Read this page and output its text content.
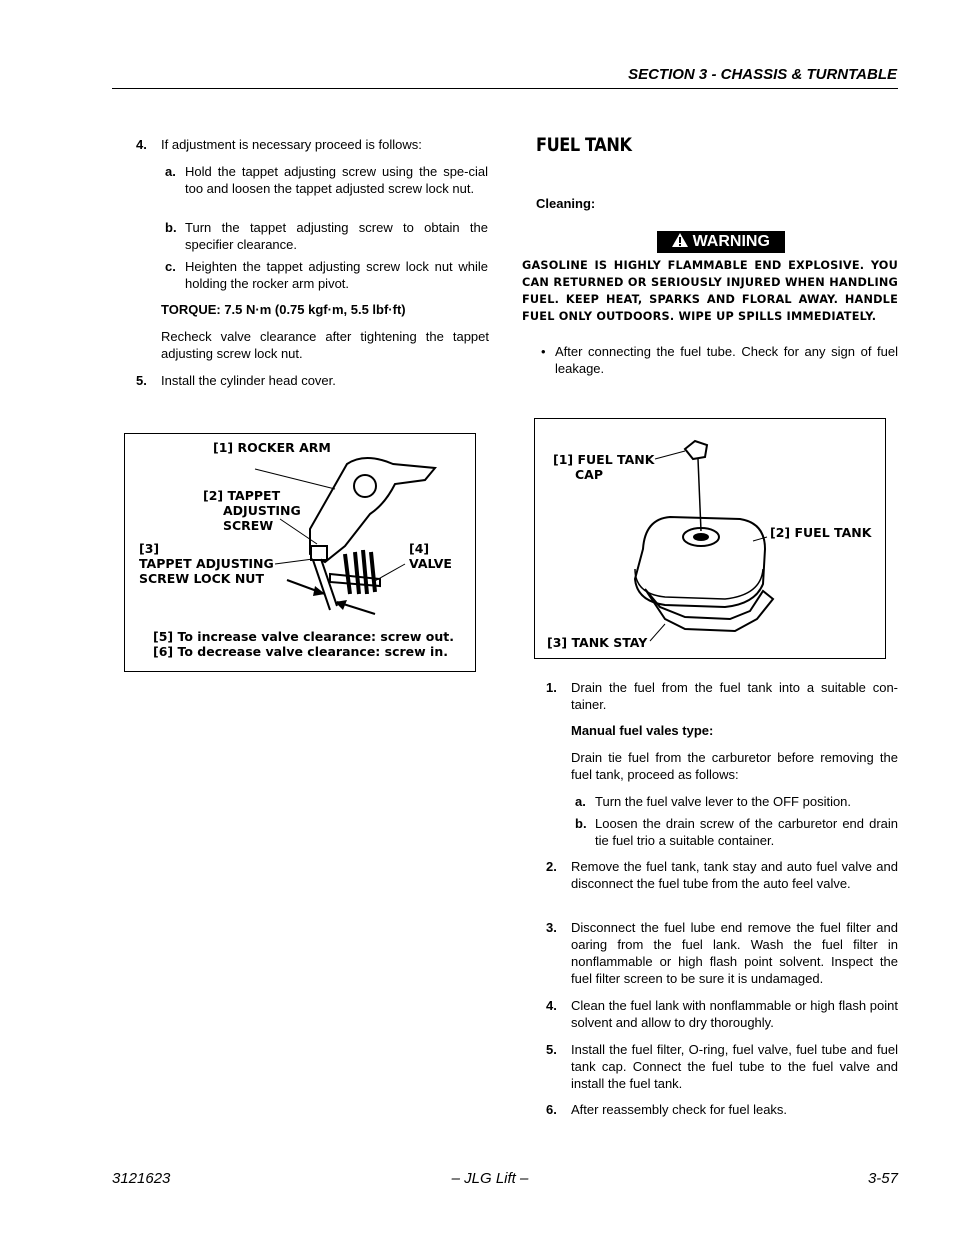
SECTION 3 - CHASSIS & TURNTABLE
4. If adjustment is necessary proceed is follows:
a. Hold the tappet adjusting screw using the spe-cial too and loosen the tappet adjusted screw lock nut.
b. Turn the tappet adjusting screw to obtain the specifier clearance.
c. Heighten the tappet adjusting screw lock nut while holding the rocker arm pivot.
TORQUE: 7.5 N·m (0.75 kgf·m, 5.5 lbf·ft)
Recheck valve clearance after tightening the tappet adjusting screw lock nut.
5. Install the cylinder head cover.
[1] ROCKER ARM
[2] TAPPET
ADJUSTING
SCREW
[3]
TAPPET ADJUSTING
SCREW LOCK NUT
[4]
VALVE
[5] To increase valve clearance: screw out.
[6] To decrease valve clearance: screw in.
FUEL TANK
Cleaning:
WARNING
GASOLINE IS HIGHLY FLAMMABLE END EXPLOSIVE. YOU CAN RETURNED OR SERIOUSLY INJURED WHEN HANDLING FUEL. KEEP HEAT, SPARKS AND FLORAL AWAY. HANDLE FUEL ONLY OUTDOORS. WIPE UP SPILLS IMMEDIATELY.
• After connecting the fuel tube. Check for any sign of fuel leakage.
[1] FUEL TANK
CAP
[2] FUEL TANK
[3] TANK STAY
1. Drain the fuel from the fuel tank into a suitable con-tainer.
Manual fuel vales type:
Drain tie fuel from the carburetor before removing the fuel tank, proceed as follows:
a. Turn the fuel valve lever to the OFF position.
b. Loosen the drain screw of the carburetor end drain tie fuel trio a suitable container.
2. Remove the fuel tank, tank stay and auto fuel valve and disconnect the fuel tube from the auto feel valve.
3. Disconnect the fuel lube end remove the fuel filter and oaring from the fuel lank. Wash the fuel filter in nonflammable or high flash point solvent. Inspect the fuel filter screen to be sure it is undamaged.
4. Clean the fuel lank with nonflammable or high flash point solvent and allow to dry thoroughly.
5. Install the fuel filter, O-ring, fuel valve, fuel tube and fuel tank cap. Connect the fuel tube to the fuel valve and install the fuel tank.
6. After reassembly check for fuel leaks.
3121623	– JLG Lift –	3-57
